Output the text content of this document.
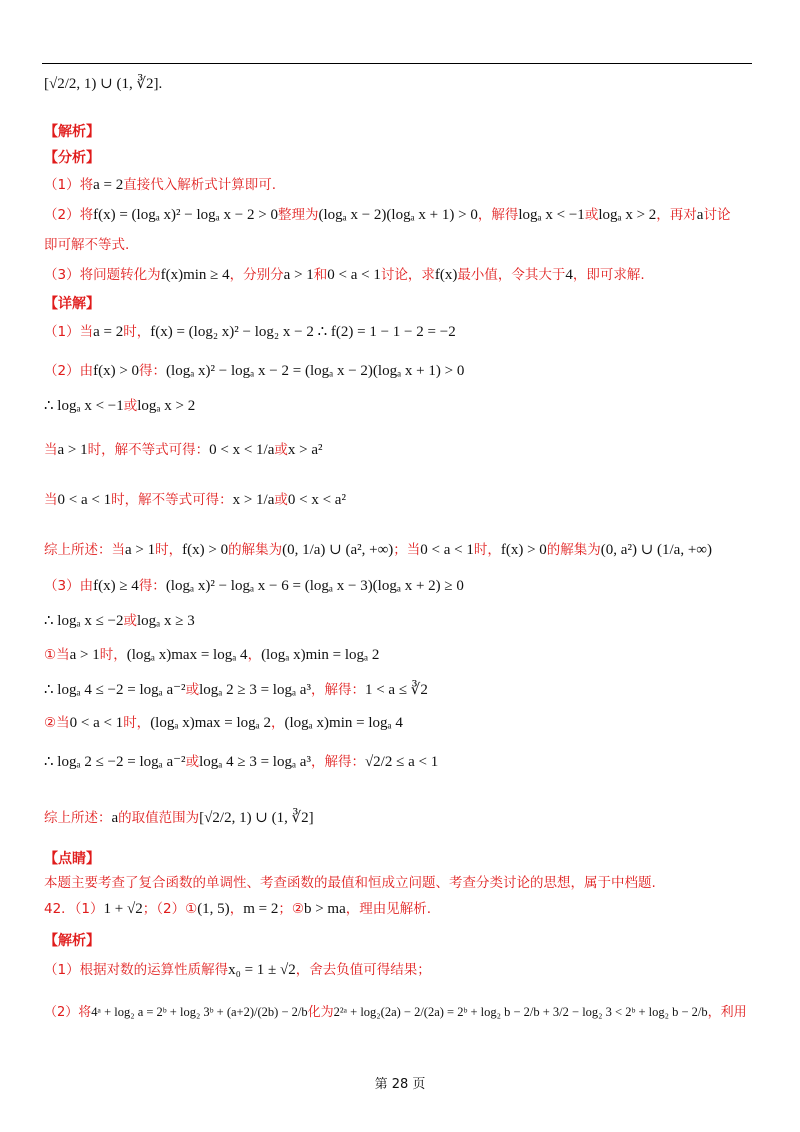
[√2/2, 1) ∪ (1, ∛2].
【解析】
【分析】
（1）将a = 2直接代入解析式计算即可.
（2）将f(x) = (logₐ x)² − logₐ x − 2 > 0整理为(logₐ x − 2)(logₐ x + 1) > 0，解得logₐ x < −1或logₐ x > 2，再对a讨论
即可解不等式.
（3）将问题转化为f(x)min ≥ 4，分别分a > 1和0 < a < 1讨论，求f(x)最小值，令其大于4，即可求解.
【详解】
（1）当a = 2时，f(x) = (log₂ x)² − log₂ x − 2 ∴ f(2) = 1 − 1 − 2 = −2
（2）由f(x) > 0得：(logₐ x)² − logₐ x − 2 = (logₐ x − 2)(logₐ x + 1) > 0
∴ logₐ x < −1或logₐ x > 2
当a > 1时，解不等式可得：0 < x < 1/a或x > a²
当0 < a < 1时，解不等式可得：x > 1/a或0 < x < a²
综上所述：当a > 1时，f(x) > 0的解集为(0, 1/a) ∪ (a², +∞)；当0 < a < 1时，f(x) > 0的解集为(0, a²) ∪ (1/a, +∞)
（3）由f(x) ≥ 4得：(logₐ x)² − logₐ x − 6 = (logₐ x − 3)(logₐ x + 2) ≥ 0
∴ logₐ x ≤ −2或logₐ x ≥ 3
①当a > 1时，(logₐ x)max = logₐ 4，(logₐ x)min = logₐ 2
∴ logₐ 4 ≤ −2 = logₐ a⁻²或logₐ 2 ≥ 3 = logₐ a³，解得：1 < a ≤ ∛2
②当0 < a < 1时，(logₐ x)max = logₐ 2，(logₐ x)min = logₐ 4
∴ logₐ 2 ≤ −2 = logₐ a⁻²或logₐ 4 ≥ 3 = logₐ a³，解得：√2/2 ≤ a < 1
综上所述：a的取值范围为[√2/2, 1) ∪ (1, ∛2]
【点睛】
本题主要考查了复合函数的单调性、考查函数的最值和恒成立问题、考查分类讨论的思想，属于中档题.
42．（1）1 + √2；（2）①(1, 5)，m = 2；②b > ma，理由见解析.
【解析】
（1）根据对数的运算性质解得x₀ = 1 ± √2，舍去负值可得结果；
（2）将4ᵃ + log₂ a = 2ᵇ + log₂ 3ᵇ + (a+2)/(2b) − 2/b化为2²ᵃ + log₂(2a) − 2/(2a) = 2ᵇ + log₂ b − 2/b + 3/2 − log₂ 3 < 2ᵇ + log₂ b − 2/b，利用
第 28 页
